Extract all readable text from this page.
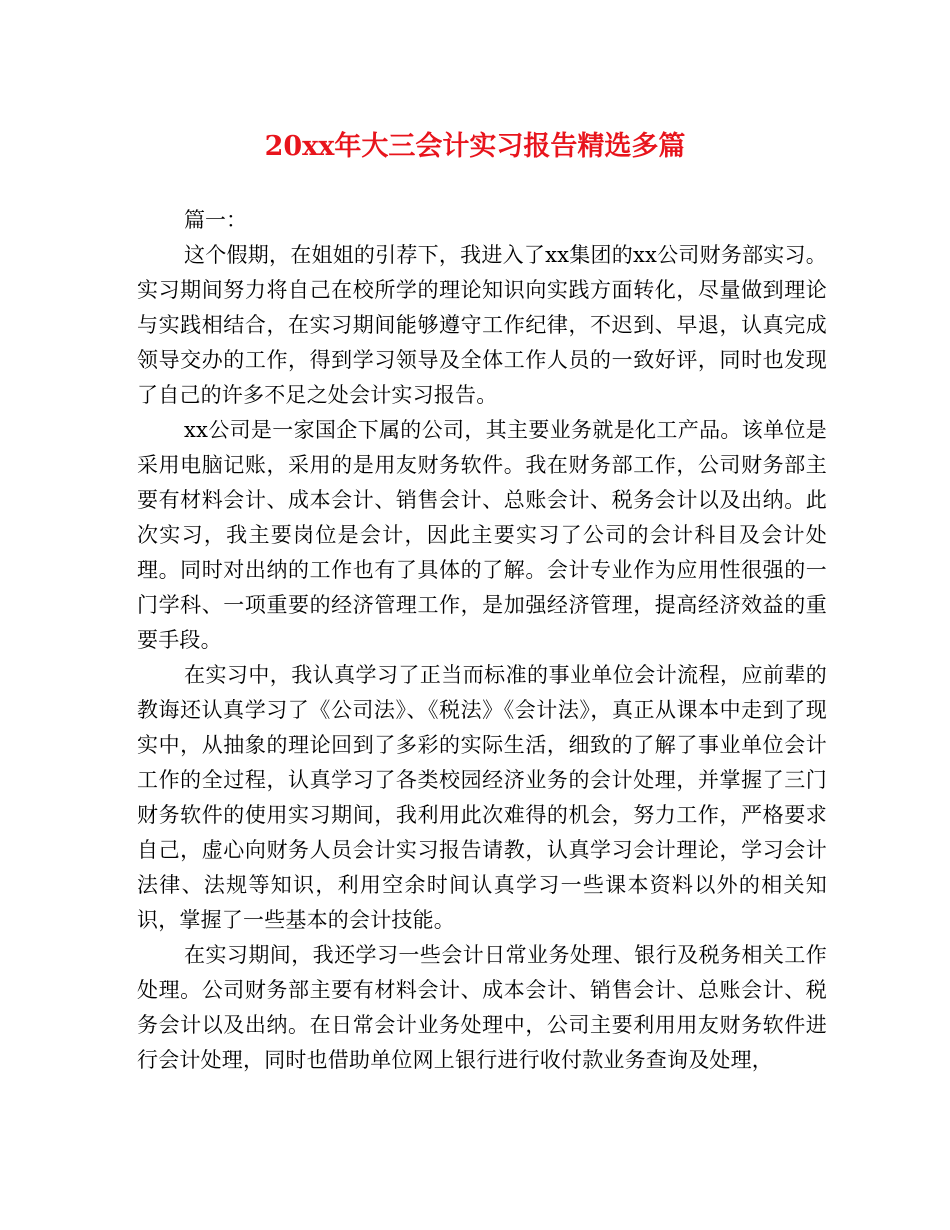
20xx年大三会计实习报告精选多篇

篇一：

这个假期，在姐姐的引荐下，我进入了xx集团的xx公司财务部实习。实习期间努力将自己在校所学的理论知识向实践方面转化，尽量做到理论与实践相结合，在实习期间能够遵守工作纪律，不迟到、早退，认真完成领导交办的工作，得到学习领导及全体工作人员的一致好评，同时也发现了自己的许多不足之处会计实习报告。

xx公司是一家国企下属的公司，其主要业务就是化工产品。该单位是采用电脑记账，采用的是用友财务软件。我在财务部工作，公司财务部主要有材料会计、成本会计、销售会计、总账会计、税务会计以及出纳。此次实习，我主要岗位是会计，因此主要实习了公司的会计科目及会计处理。同时对出纳的工作也有了具体的了解。会计专业作为应用性很强的一门学科、一项重要的经济管理工作，是加强经济管理，提高经济效益的重要手段。

在实习中，我认真学习了正当而标准的事业单位会计流程，应前辈的教诲还认真学习了《公司法》、《税法》《会计法》，真正从课本中走到了现实中，从抽象的理论回到了多彩的实际生活，细致的了解了事业单位会计工作的全过程，认真学习了各类校园经济业务的会计处理，并掌握了三门财务软件的使用实习期间，我利用此次难得的机会，努力工作，严格要求自己，虚心向财务人员会计实习报告请教，认真学习会计理论，学习会计法律、法规等知识，利用空余时间认真学习一些课本资料以外的相关知识，掌握了一些基本的会计技能。

在实习期间，我还学习一些会计日常业务处理、银行及税务相关工作处理。公司财务部主要有材料会计、成本会计、销售会计、总账会计、税务会计以及出纳。在日常会计业务处理中，公司主要利用用友财务软件进行会计处理，同时也借助单位网上银行进行收付款业务查询及处理，
